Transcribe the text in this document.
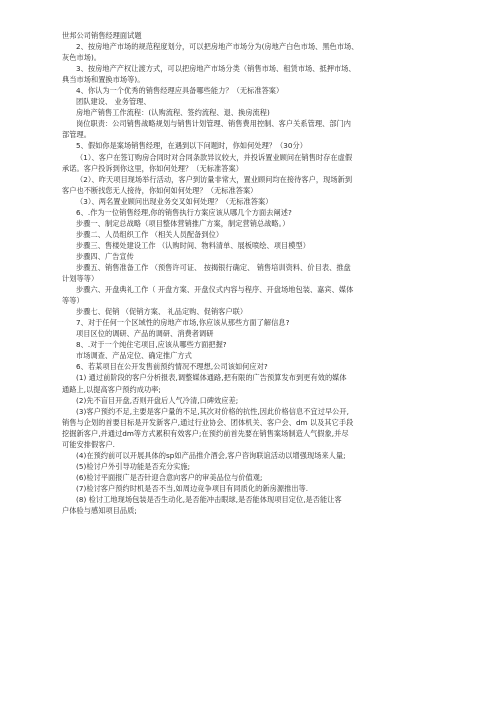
世邦公司销售经理面试题
2、按房地产市场的规范程度划分，可以把房地产市场分为(房地产白色市场、黑色市场、
灰色市场)。
3、按房地产产权让渡方式，可以把房地产市场分类（销售市场、租赁市场、抵押市场、
典当市场和置换市场等)。
4、你认为一个优秀的销售经理应具备哪些能力？（无标准答案）
团队建设、 业务管理、
房地产销售工作流程：(认购流程、签约流程、退、换房流程)
岗位职责：公司销售战略规划与销售计划管理、销售费用控制、客户关系管理、部门内
部管理。
5、假如你是案场销售经理，在遇到以下问题时，你如何处理？（30分）
（1）、客户在签订购房合同时对合同条款异议较大，并投诉置业顾问在销售时存在虚假
承诺。客户投诉到你这里，你如何处理？（无标准答案）
（2）、昨天项目现场举行活动，客户到访量非常大，置业顾问均在接待客户，现场新到
客户也不断找您无人接待，你如何如何处理？（无标准答案）
（3）、两名置业顾问出现业务交叉如何处理？（无标准答案）
6、.作为一位销售经理,你的销售执行方案应该从哪几个方面去阐述?
步骤一、制定总战略（项目整体营销推广方案，制定营销总战略。）
步骤二、人员组织工作 （相关人员配备到位）
步骤三、售楼处建设工作 （认购时间、物料清单、展板喷绘、项目模型）
步骤四、广告宣传
步骤五、销售准备工作 （预售许可证、 按揭银行确定、 销售培训资料、价目表、推盘
计划等等）
步骤六、开盘典礼工作（ 开盘方案、开盘仪式内容与程序、开盘场地包装、嘉宾、媒体
等等）
步骤七、促销 （促销方案、 礼品定购、促销客户联）
7、对于任何一个区域性的房地产市场,你应该从那些方面了解信息?
项目区位的调研、产品的调研、消费者调研
8、.对于一个纯住宅项目,应该从哪些方面把握?
市场调查、产品定位、确定推广方式
6、若某项目在公开发售前预约情况不理想,公司该如何应对?
(1) 通过前阶段的客户分析报表,调整媒体通路,把有限的广告预算发布到更有效的媒体
通路上,以提高客户预约成功率;
(2)先不盲目开盘,否则开盘后人气冷清,口碑效应差;
(3)客户预约不足,主要是客户量的不足,其次对价格的抗性,因此价格信息不宜过早公开,
销售与企划的首要目标是开发新客户,通过行业协会、团体机关、客户会、dm 以及其它手段
挖掘新客户,并通过dm等方式累积有效客户;在预约前首先要在销售案场制造人气假象,并尽
可能安排假客户.
(4)在预约前可以开展具体的sp如产品推介酒会,客户咨询联谊活动以增强现场来人量;
(5)检讨户外引导功能是否充分实施;
(6)检讨平面报广是否针迎合意向客户的审美品位与价值观;
(7)检讨客户预约时机是否不当,如周边竞争项目有同质化的新房源推出等.
(8) 检讨工地现场包装是否生动化,是否能冲击眼球,是否能体现项目定位,是否能让客
户体验与感知项目品质;
